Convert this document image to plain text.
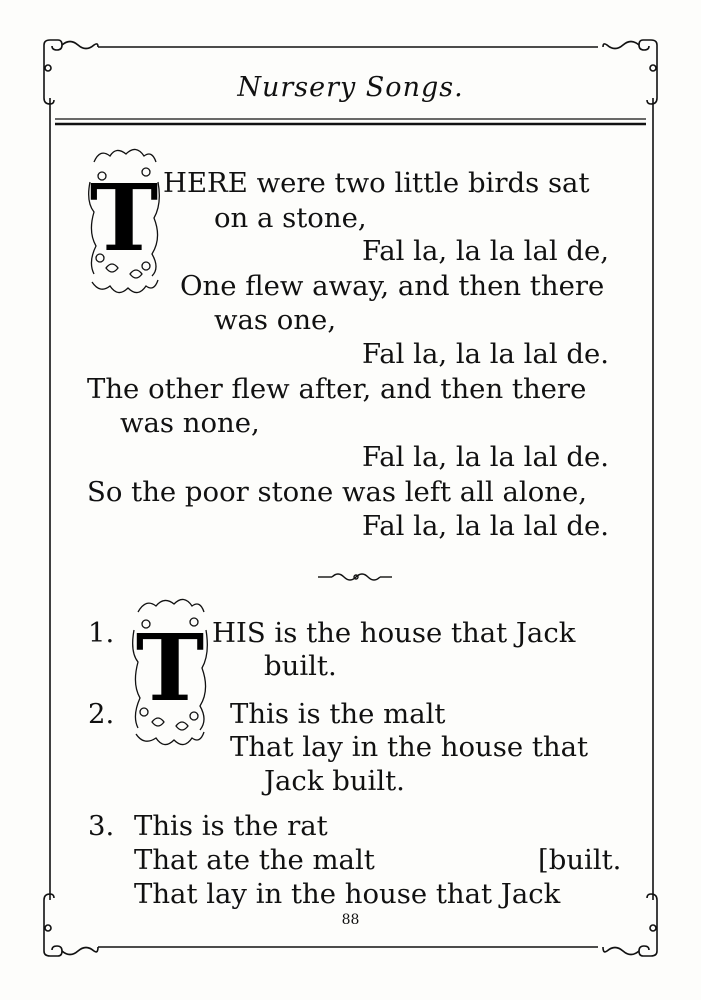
Nursery Songs.
T HERE were two little birds sat
on a stone,
Fal la, la la lal de,
One flew away, and then there
was one,
Fal la, la la lal de.
The other flew after, and then there
was none,
Fal la, la la lal de.
So the poor stone was left all alone,
Fal la, la la lal de.
T
1.
2.
3.
HIS is the house that Jack
built.
This is the malt
That lay in the house that
Jack built.
This is the rat
That ate the malt	[built.
That lay in the house that Jack
88
